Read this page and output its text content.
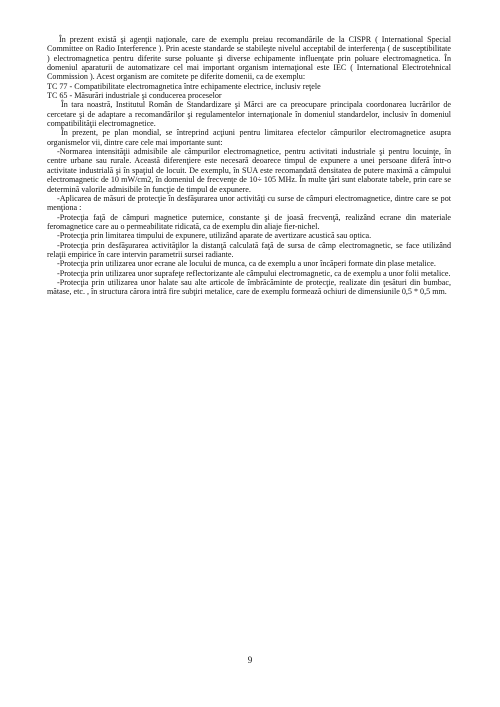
În prezent există şi agenţii naţionale, care de exemplu preiau recomandările de la CISPR ( International Special Committee on Radio Interference ). Prin aceste standarde se stabileşte nivelul acceptabil de interferenţa ( de susceptibilitate ) electromagnetica pentru diferite surse poluante şi diverse echipamente influenţate prin poluare electromagnetica. În domeniul aparaturii de automatizare cel mai important organism internaţional este IEC ( International Electrotehnical Commission ). Acest organism are comitete pe diferite domenii, ca de exemplu:

TC 77 - Compatibilitate electromagnetica între echipamente electrice, inclusiv reţele

TC 65 - Măsurări industriale şi conducerea proceselor

În tara noastră, Institutul Român de Standardizare şi Mărci are ca preocupare principala coordonarea lucrărilor de cercetare şi de adaptare a recomandărilor şi regulamentelor internaţionale în domeniul standardelor, inclusiv în domeniul compatibilităţii electromagnetice.

În prezent, pe plan mondial, se întreprind acţiuni pentru limitarea efectelor câmpurilor electromagnetice asupra organismelor vii, dintre care cele mai importante sunt:

-Normarea intensităţii admisibile ale câmpurilor electromagnetice, pentru activitati industriale şi pentru locuinţe, în centre urbane sau rurale. Această diferenţiere este necesară deoarece timpul de expunere a unei persoane diferă într-o activitate industrială şi în spaţiul de locuit. De exemplu, în SUA este recomandată densitatea de putere maximă a câmpului electromagnetic de 10 mW/cm2, în domeniul de frecvenţe de 10÷ 105 MHz. În multe ţări sunt elaborate tabele, prin care se determină valorile admisibile în funcţie de timpul de expunere.

-Aplicarea de măsuri de protecţie în desfăşurarea unor activităţi cu surse de câmpuri electromagnetice, dintre care se pot menţiona :

-Protecţia faţă de câmpuri magnetice puternice, constante şi de joasă frecvenţă, realizând ecrane din materiale feromagnetice care au o permeabilitate ridicată, ca de exemplu din aliaje fier-nichel.

-Protecţia prin limitarea timpului de expunere, utilizând aparate de avertizare acustică sau optica.

-Protecţia prin desfăşurarea activităţilor la distanţă calculată faţă de sursa de câmp electromagnetic, se face utilizând relaţii empirice în care intervin parametrii sursei radiante.

-Protecţia prin utilizarea unor ecrane ale locului de munca, ca de exemplu a unor încăperi formate din plase metalice.

-Protecţia prin utilizarea unor suprafeţe reflectorizante ale câmpului electromagnetic, ca de exemplu a unor folii metalice.

-Protecţia prin utilizarea unor halate sau alte articole de îmbrăcăminte de protecţie, realizate din ţesături din bumbac, mătase, etc. , în structura cărora intră fire subţiri metalice, care de exemplu formează ochiuri de dimensiunile 0,5 * 0,5 mm.

9
